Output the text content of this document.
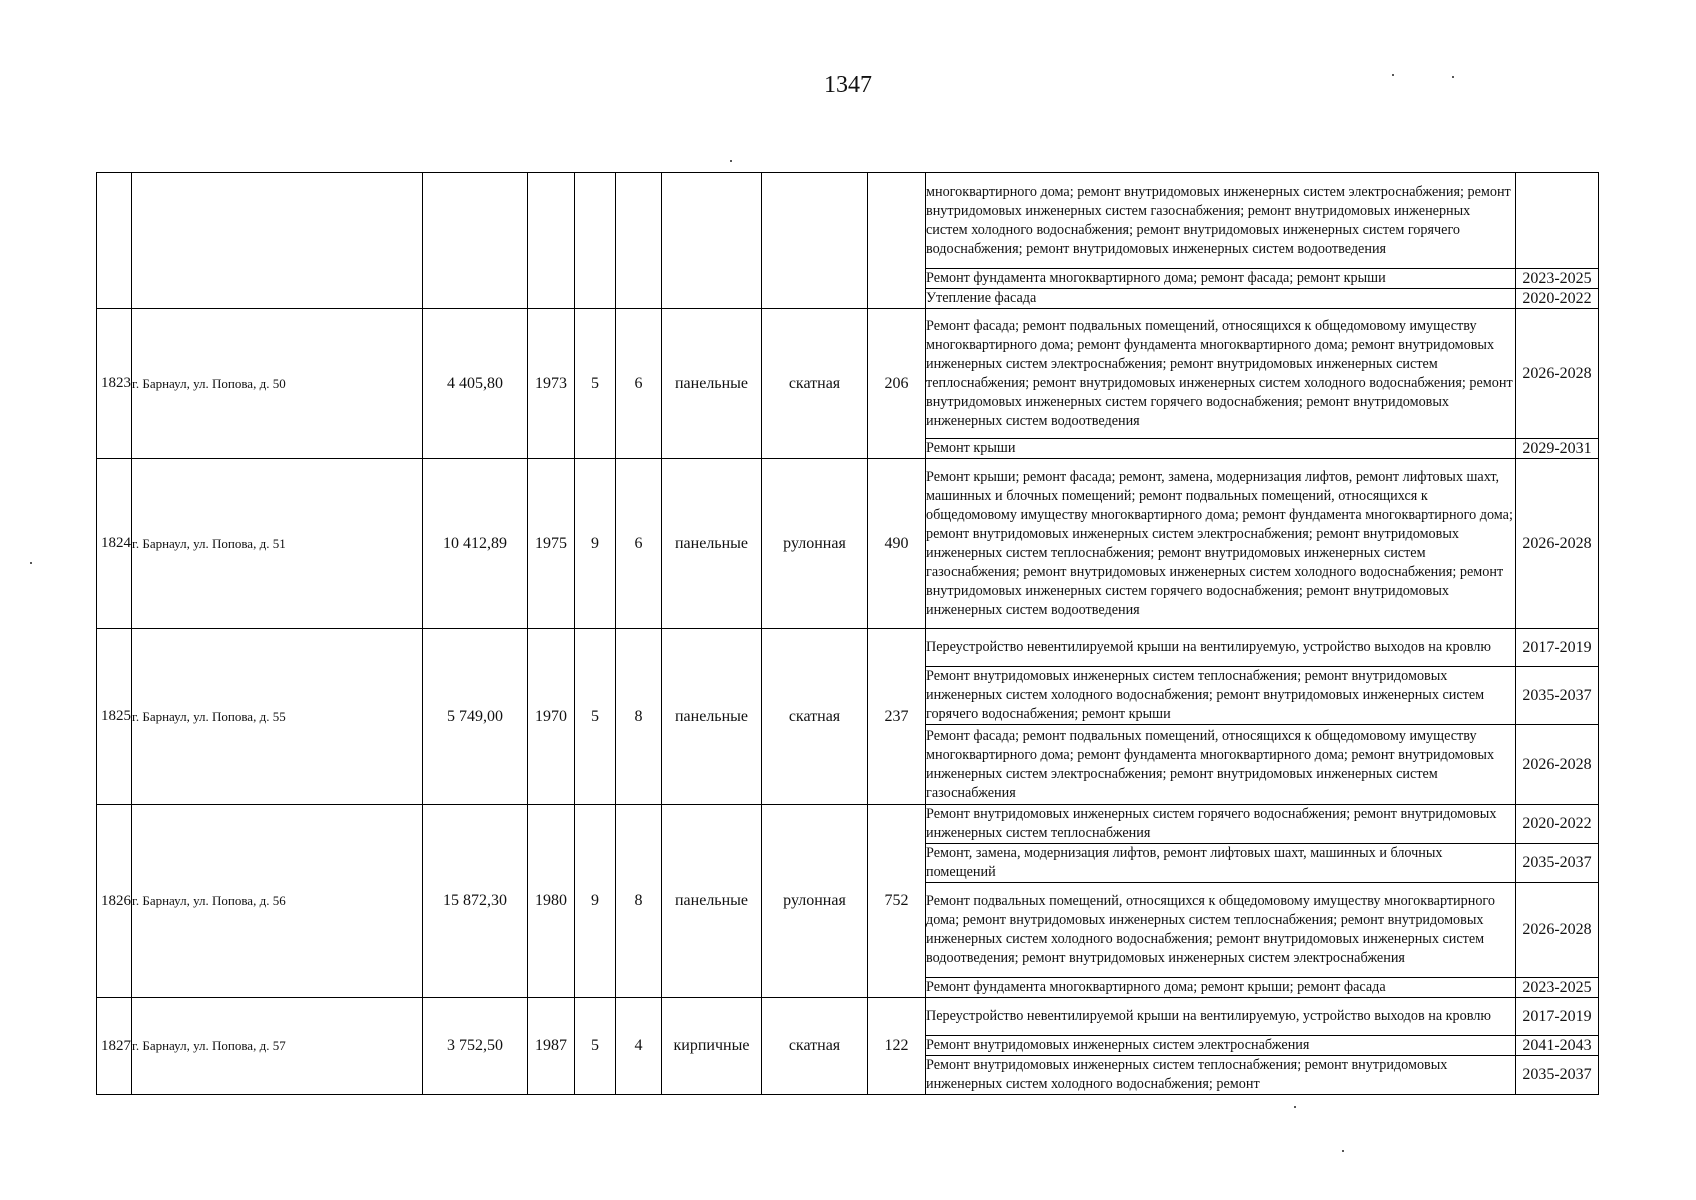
1347
									многоквартирного дома; ремонт внутридомовых инженерных систем электроснабжения; ремонт внутридомовых инженерных систем газоснабжения; ремонт внутридомовых инженерных систем холодного водоснабжения; ремонт внутридомовых инженерных систем горячего водоснабжения; ремонт внутридомовых инженерных систем водоотведения	
									Ремонт фундамента многоквартирного дома; ремонт фасада; ремонт крыши	2023-2025
									Утепление фасада	2020-2022
1823	г. Барнаул, ул. Попова, д. 50	4 405,80	1973	5	6	панельные	скатная	206	Ремонт фасада; ремонт подвальных помещений, относящихся к общедомовому имуществу многоквартирного дома; ремонт фундамента многоквартирного дома; ремонт внутридомовых инженерных систем электроснабжения; ремонт внутридомовых инженерных систем теплоснабжения; ремонт внутридомовых инженерных систем холодного водоснабжения; ремонт внутридомовых инженерных систем горячего водоснабжения; ремонт внутридомовых инженерных систем водоотведения	2026-2028
									Ремонт крыши	2029-2031
1824	г. Барнаул, ул. Попова, д. 51	10 412,89	1975	9	6	панельные	рулонная	490	Ремонт крыши; ремонт фасада; ремонт, замена, модернизация лифтов, ремонт лифтовых шахт, машинных и блочных помещений; ремонт подвальных помещений, относящихся к общедомовому имуществу многоквартирного дома; ремонт фундамента многоквартирного дома; ремонт внутридомовых инженерных систем электроснабжения; ремонт внутридомовых инженерных систем теплоснабжения; ремонт внутридомовых инженерных систем газоснабжения; ремонт внутридомовых инженерных систем холодного водоснабжения; ремонт внутридомовых инженерных систем горячего водоснабжения; ремонт внутридомовых инженерных систем водоотведения	2026-2028
1825	г. Барнаул, ул. Попова, д. 55	5 749,00	1970	5	8	панельные	скатная	237	Переустройство невентилируемой крыши на вентилируемую, устройство выходов на кровлю	2017-2019
									Ремонт внутридомовых инженерных систем теплоснабжения; ремонт внутридомовых инженерных систем холодного водоснабжения; ремонт внутридомовых инженерных систем горячего водоснабжения; ремонт крыши	2035-2037
									Ремонт фасада; ремонт подвальных помещений, относящихся к общедомовому имуществу многоквартирного дома; ремонт фундамента многоквартирного дома; ремонт внутридомовых инженерных систем электроснабжения; ремонт внутридомовых инженерных систем газоснабжения	2026-2028
1826	г. Барнаул, ул. Попова, д. 56	15 872,30	1980	9	8	панельные	рулонная	752	Ремонт внутридомовых инженерных систем горячего водоснабжения; ремонт внутридомовых инженерных систем теплоснабжения	2020-2022
									Ремонт, замена, модернизация лифтов, ремонт лифтовых шахт, машинных и блочных помещений	2035-2037
									Ремонт подвальных помещений, относящихся к общедомовому имуществу многоквартирного дома; ремонт внутридомовых инженерных систем теплоснабжения; ремонт внутридомовых инженерных систем холодного водоснабжения; ремонт внутридомовых инженерных систем водоотведения; ремонт внутридомовых инженерных систем электроснабжения	2026-2028
									Ремонт фундамента многоквартирного дома; ремонт крыши; ремонт фасада	2023-2025
1827	г. Барнаул, ул. Попова, д. 57	3 752,50	1987	5	4	кирпичные	скатная	122	Переустройство невентилируемой крыши на вентилируемую, устройство выходов на кровлю	2017-2019
									Ремонт внутридомовых инженерных систем электроснабжения	2041-2043
									Ремонт внутридомовых инженерных систем теплоснабжения; ремонт внутридомовых инженерных систем холодного водоснабжения; ремонт	2035-2037
